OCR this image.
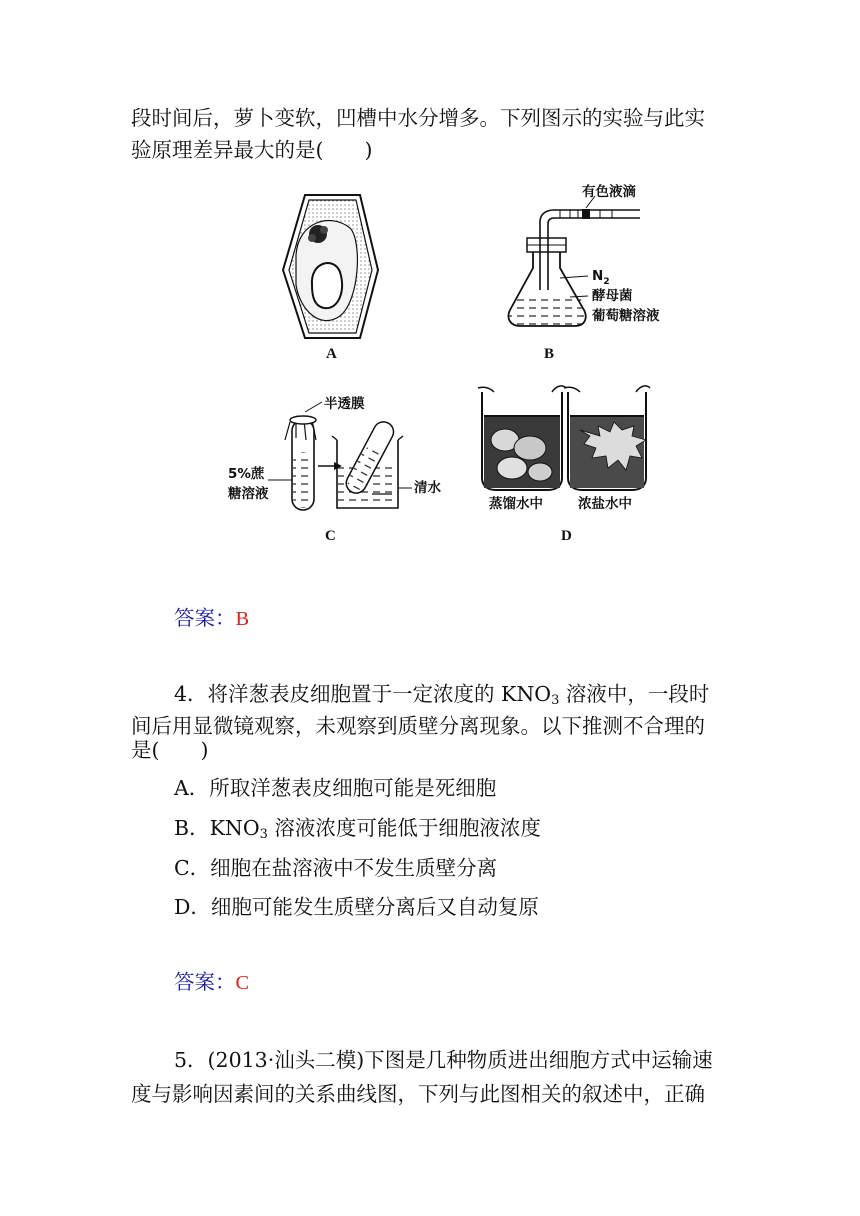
段时间后，萝卜变软，凹槽中水分增多。下列图示的实验与此实
验原理差异最大的是(　　)
A
有色液滴
$N_2$
酵母菌
葡萄糖溶液
B
半透膜
5%蔗
糖溶液	清水
C
蒸馏水中	浓盐水中
D
答案：B
4．将洋葱表皮细胞置于一定浓度的 $KNO_3$ 溶液中，一段时
间后用显微镜观察，未观察到质壁分离现象。以下推测不合理的
是(　　)
A．所取洋葱表皮细胞可能是死细胞
B．$KNO_3$ 溶液浓度可能低于细胞液浓度
C．细胞在盐溶液中不发生质壁分离
D．细胞可能发生质壁分离后又自动复原
答案：C
5．(2013·汕头二模)下图是几种物质进出细胞方式中运输速
度与影响因素间的关系曲线图，下列与此图相关的叙述中，正确
